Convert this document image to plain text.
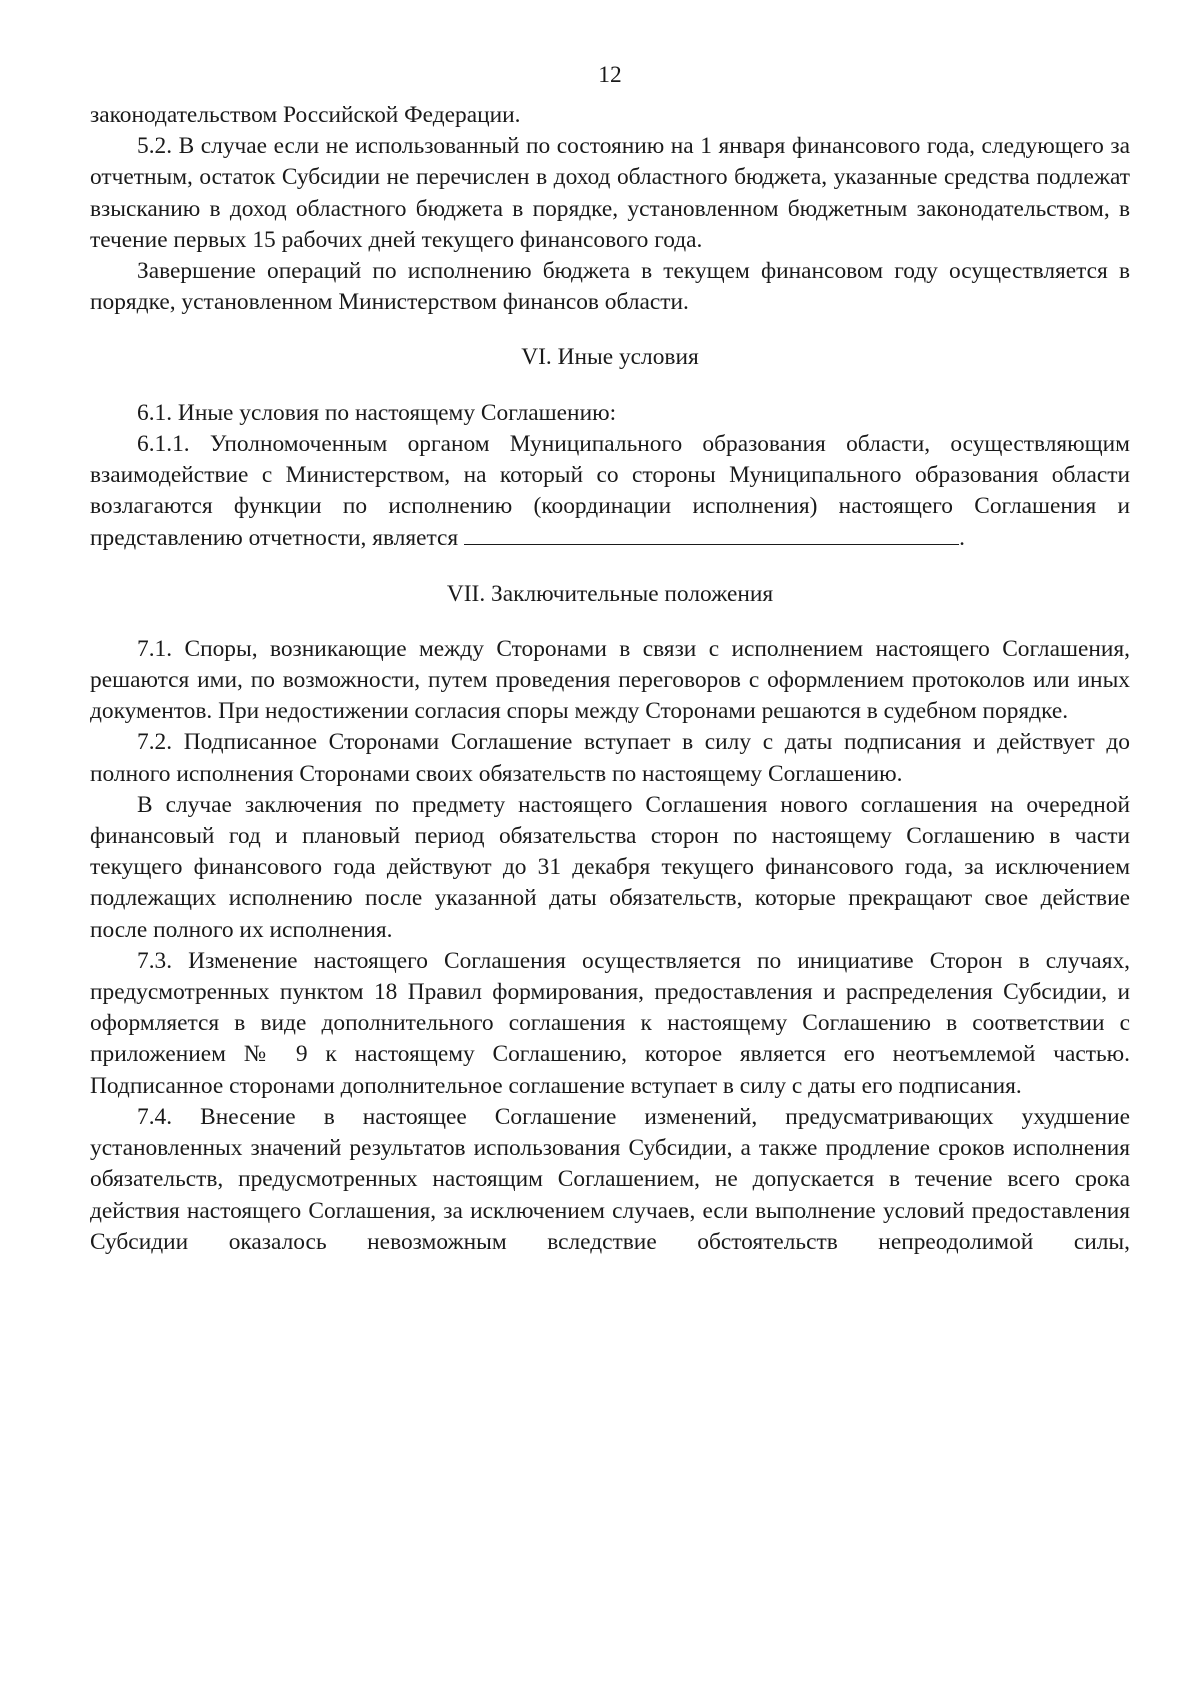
12

законодательством Российской Федерации.

5.2. В случае если не использованный по состоянию на 1 января финансового года, следующего за отчетным, остаток Субсидии не перечислен в доход областного бюджета, указанные средства подлежат взысканию в доход областного бюджета в порядке, установленном бюджетным законодательством, в течение первых 15 рабочих дней текущего финансового года.

Завершение операций по исполнению бюджета в текущем финансовом году осуществляется в порядке, установленном Министерством финансов области.

VI. Иные условия

6.1. Иные условия по настоящему Соглашению:

6.1.1. Уполномоченным органом Муниципального образования области, осуществляющим взаимодействие с Министерством, на который со стороны Муниципального образования области возлагаются функции по исполнению (координации исполнения) настоящего Соглашения и представлению отчетности, является	.

VII. Заключительные положения

7.1. Споры, возникающие между Сторонами в связи с исполнением настоящего Соглашения, решаются ими, по возможности, путем проведения переговоров с оформлением протоколов или иных документов. При недостижении согласия споры между Сторонами решаются в судебном порядке.

7.2. Подписанное Сторонами Соглашение вступает в силу с даты подписания и действует до полного исполнения Сторонами своих обязательств по настоящему Соглашению.

В случае заключения по предмету настоящего Соглашения нового соглашения на очередной финансовый год и плановый период обязательства сторон по настоящему Соглашению в части текущего финансового года действуют до 31 декабря текущего финансового года, за исключением подлежащих исполнению после указанной даты обязательств, которые прекращают свое действие после полного их исполнения.

7.3. Изменение настоящего Соглашения осуществляется по инициативе Сторон в случаях, предусмотренных пунктом 18 Правил формирования, предоставления и распределения Субсидии, и оформляется в виде дополнительного соглашения к настоящему Соглашению в соответствии с приложением № 9 к настоящему Соглашению, которое является его неотъемлемой частью. Подписанное сторонами дополнительное соглашение вступает в силу с даты его подписания.

7.4. Внесение в настоящее Соглашение изменений, предусматривающих ухудшение установленных значений результатов использования Субсидии, а также продление сроков исполнения обязательств, предусмотренных настоящим Соглашением, не допускается в течение всего срока действия настоящего Соглашения, за исключением случаев, если выполнение условий предоставления Субсидии оказалось невозможным вследствие обстоятельств непреодолимой силы,
